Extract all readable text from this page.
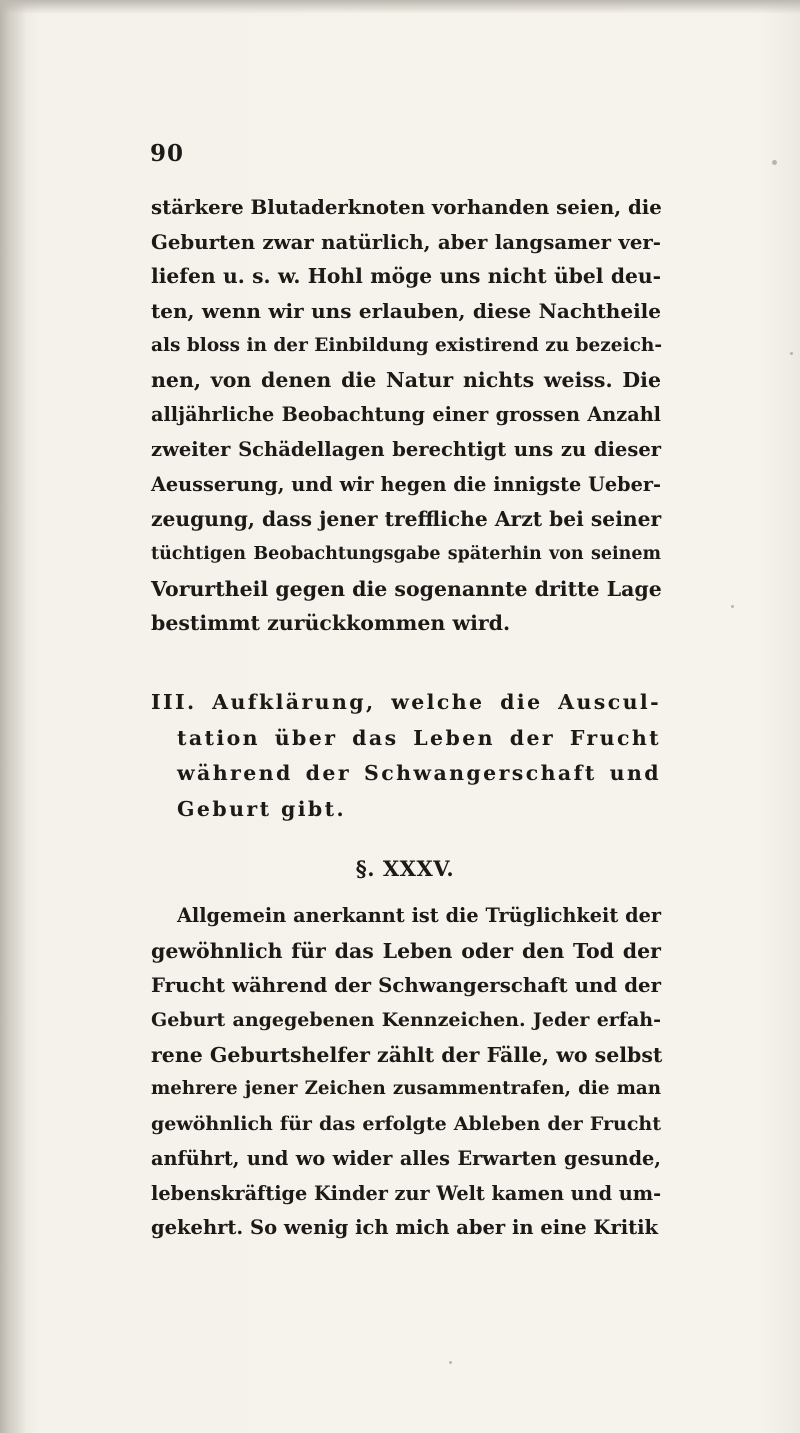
90
stärkere Blutaderknoten vorhanden seien, die
Geburten zwar natürlich, aber langsamer ver-
liefen u. s. w. Hohl möge uns nicht übel deu-
ten, wenn wir uns erlauben, diese Nachtheile
als bloss in der Einbildung existirend zu bezeich-
nen, von denen die Natur nichts weiss. Die
alljährliche Beobachtung einer grossen Anzahl
zweiter Schädellagen berechtigt uns zu dieser
Aeusserung, und wir hegen die innigste Ueber-
zeugung, dass jener treffliche Arzt bei seiner
tüchtigen Beobachtungsgabe späterhin von seinem
Vorurtheil gegen die sogenannte dritte Lage
bestimmt zurückkommen wird.
III. Aufklärung, welche die Auscul-
tation über das Leben der Frucht
während der Schwangerschaft und
Geburt gibt.
§. XXXV.
Allgemein anerkannt ist die Trüglichkeit der
gewöhnlich für das Leben oder den Tod der
Frucht während der Schwangerschaft und der
Geburt angegebenen Kennzeichen. Jeder erfah-
rene Geburtshelfer zählt der Fälle, wo selbst
mehrere jener Zeichen zusammentrafen, die man
gewöhnlich für das erfolgte Ableben der Frucht
anführt, und wo wider alles Erwarten gesunde,
lebenskräftige Kinder zur Welt kamen und um-
gekehrt. So wenig ich mich aber in eine Kritik
